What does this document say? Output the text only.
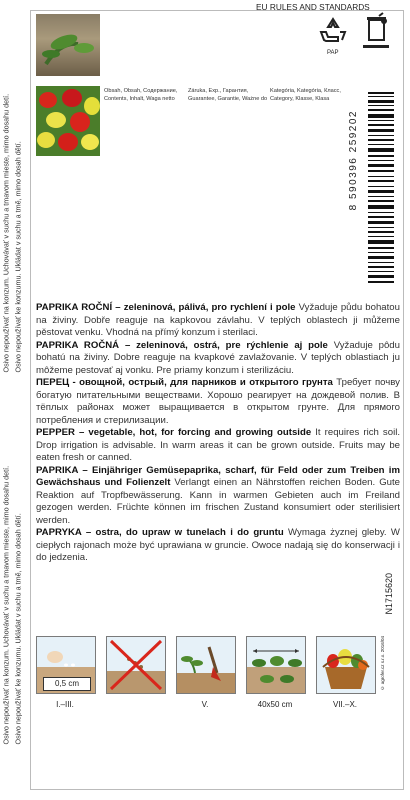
Osivo nepoužívať na konzum. Uchovávať v suchu a tmavom mieste, mimo dosahu detí. Osivo nepoužívať ke konzumu. Ukládat v suchu a tmě, mimo dosah dětí.
Osivo nepoužívať na konzum. Uchovávať v suchu a tmavom mieste, mimo dosahu detí. Osivo nepoužívať ke konzumu. Ukládat v suchu a tmě, mimo dosah dětí.
EU RULES AND STANDARDS
PAP
Obsah, Obsah, Содержание,
Contents, Inhalt, Waga netto
Záruka, Exp., Гарантия,
Guarantee, Garantie, Ważne do
Kategória, Kategória, Класс,
Category, Klasse, Klasa
8 590396 259202

PAPRIKA ROČNÍ – zeleninová, pálivá, pro rychlení i pole Vyžaduje půdu bohatou na živiny. Dobře reaguje na kapkovou závlahu. V teplých oblastech ji můžeme pěstovat venku. Vhodná na přímý konzum i sterilaci.

PAPRIKA ROČNÁ – zeleninová, ostrá, pre rýchlenie aj pole Vyžaduje pôdu bohatú na živiny. Dobre reaguje na kvapkové zavlažovanie. V teplých oblastiach ju môžeme pestovať aj vonku. Pre priamy konzum i sterilizáciu.

ПЕРЕЦ - овощной, острый, для парников и открытого грунта Требует почву богатую питательными веществами. Хорошо реагирует на дождевой полив. В тёплых районах может выращивается в открытом грунте. Для прямого потребления и стерилизации.

PEPPER – vegetable, hot, for forcing and growing outside It requires rich soil. Drop irrigation is advisable. In warm areas it can be grown outside. Fruits may be eaten fresh or canned.

PAPRIKA – Einjähriger Gemüsepaprika, scharf, für Feld oder zum Treiben im Gewächshaus und Folienzelt Verlangt einen an Nährstoffen reichen Boden. Gute Reaktion auf Tropfbewässerung. Kann in warmen Gebieten auch im Freiland gezogen werden. Früchte können im frischen Zustand konsumiert oder sterilisiert werden.

PAPRYKA – ostra, do upraw w tunelach i do gruntu Wymaga żyznej gleby. W ciepłych rajonach może być uprawiana w gruncie. Owoce nadają się do konserwacji i do jedzenia.

0,5 cm
I.–III.	V.	40x50 cm	VII.–X.
N1715620
© agrofer.cz s.r.o. 2016/04
